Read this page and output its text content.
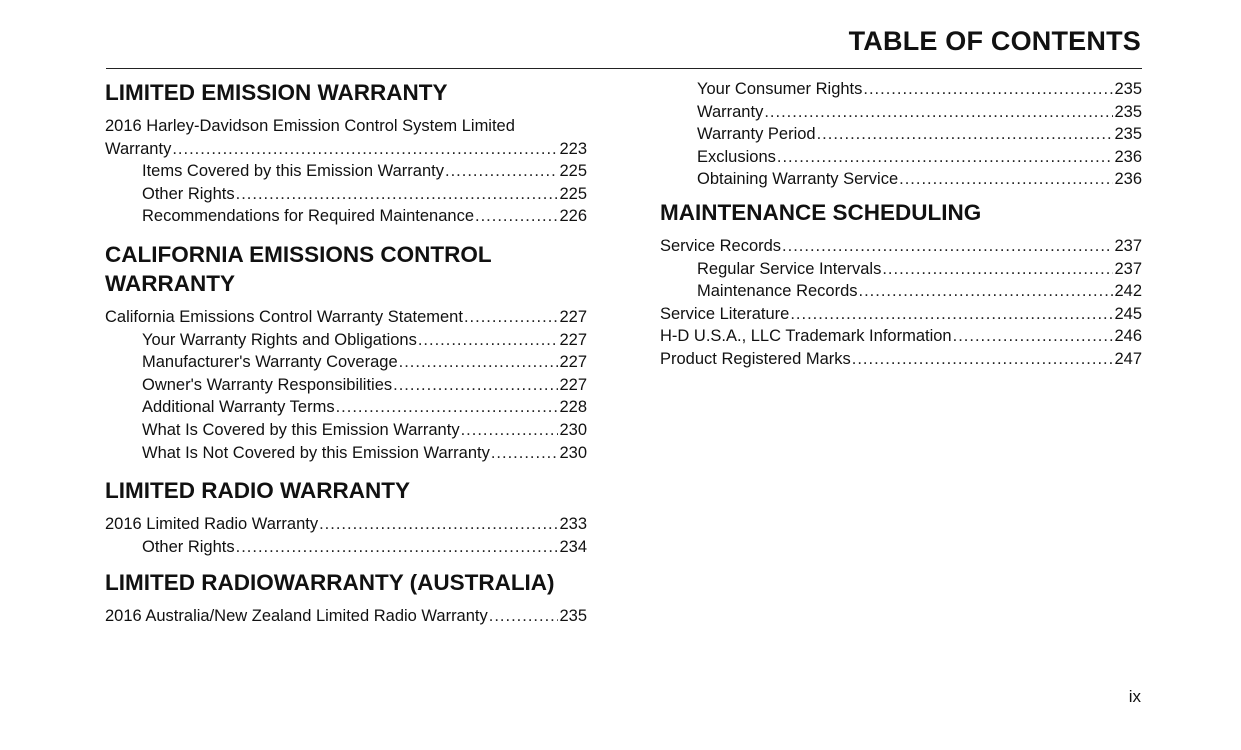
TABLE OF CONTENTS
LIMITED EMISSION WARRANTY
2016 Harley-Davidson Emission Control System Limited
Warranty .....	223
Items Covered by this Emission Warranty .....	225
Other Rights .....	225
Recommendations for Required Maintenance .....	226
CALIFORNIA EMISSIONS CONTROL
WARRANTY
California Emissions Control Warranty Statement .....	227
Your Warranty Rights and Obligations .....	227
Manufacturer's Warranty Coverage .....	227
Owner's Warranty Responsibilities .....	227
Additional Warranty Terms .....	228
What Is Covered by this Emission Warranty .....	230
What Is Not Covered by this Emission Warranty .....	230
LIMITED RADIO WARRANTY
2016 Limited Radio Warranty .....	233
Other Rights .....	234
LIMITED RADIOWARRANTY (AUSTRALIA)
2016 Australia/New Zealand Limited Radio Warranty .....	235
Your Consumer Rights .....	235
Warranty .....	235
Warranty Period .....	235
Exclusions .....	236
Obtaining Warranty Service .....	236
MAINTENANCE SCHEDULING
Service Records .....	237
Regular Service Intervals .....	237
Maintenance Records .....	242
Service Literature .....	245
H-D U.S.A., LLC Trademark Information .....	246
Product Registered Marks .....	247
ix
